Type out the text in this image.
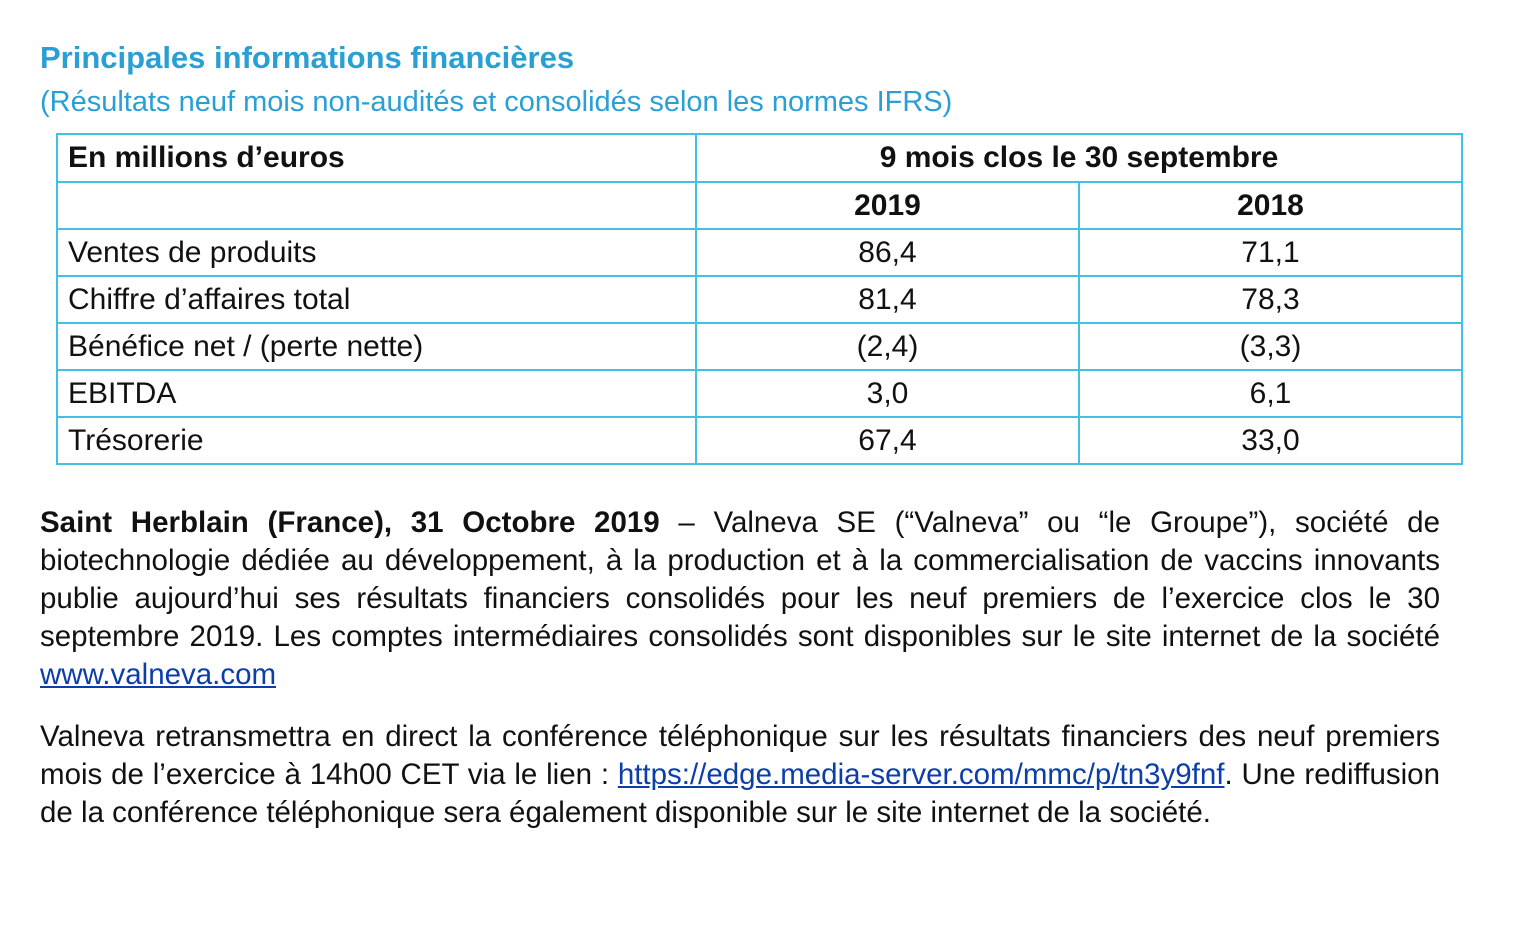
Principales informations financières

(Résultats neuf mois non-audités et consolidés selon les normes IFRS)

En millions d’euros	9 mois clos le 30 septembre	
	2019	2018
Ventes de produits	86,4	71,1
Chiffre d’affaires total	81,4	78,3
Bénéfice net / (perte nette)	(2,4)	(3,3)
EBITDA	3,0	6,1
Trésorerie	67,4	33,0

Saint Herblain (France), 31 Octobre 2019 – Valneva SE (“Valneva” ou “le Groupe”), société de biotechnologie dédiée au développement, à la production et à la commercialisation de vaccins innovants publie aujourd’hui ses résultats financiers consolidés pour les neuf premiers de l’exercice clos le 30 septembre 2019. Les comptes intermédiaires consolidés sont disponibles sur le site internet de la société www.valneva.com

Valneva retransmettra en direct la conférence téléphonique sur les résultats financiers des neuf premiers mois de l’exercice à 14h00 CET via le lien : https://edge.media-server.com/mmc/p/tn3y9fnf. Une rediffusion de la conférence téléphonique sera également disponible sur le site internet de la société.
